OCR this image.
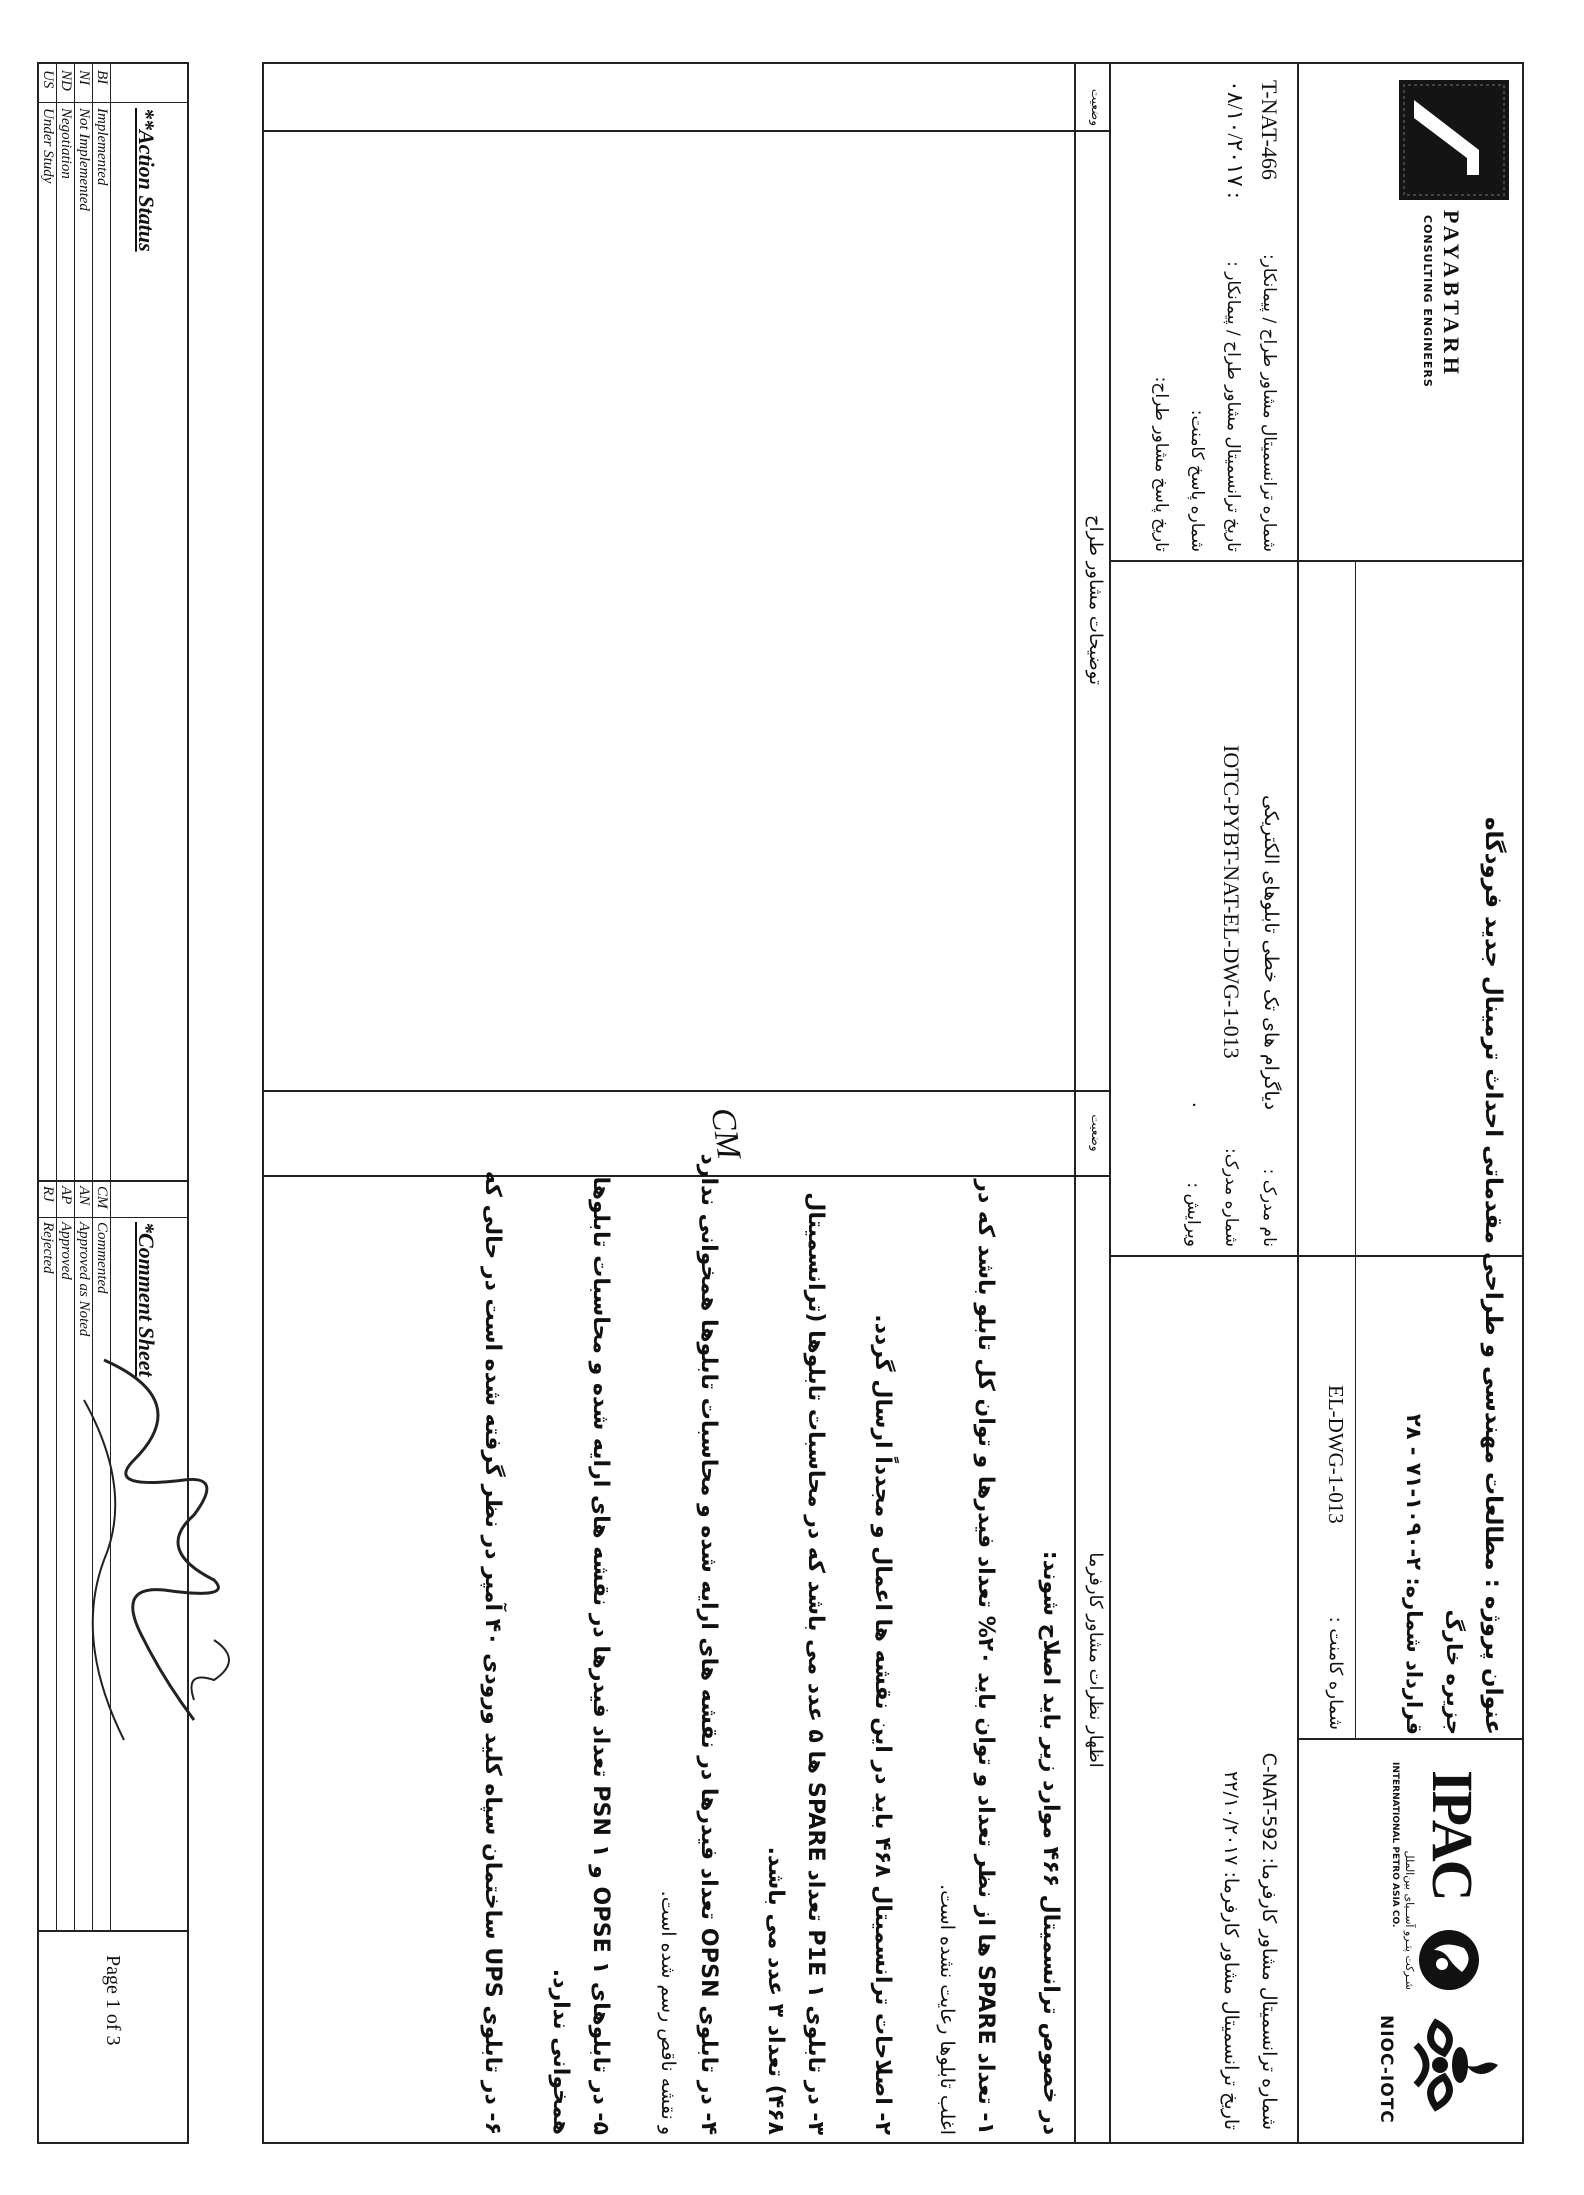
PAYABTARH
CONSULTING ENGINEERS
عنوان پروژه : مطالعات مهندسی و طراحی مقدماتی احداث ترمینال جدید فرودگاه
جزیره خارگ
قرارداد شماره: ۲-۱۰۹۰-۷۱ - ۲۸
شماره کامنت :
EL-DWG-1-013
IPAC
شـرکت پتـرو آســیای بین‌الملل
INTERNATIONAL PETRO ASIA CO.
NIOC-IOTC
T-NAT-466
۰۸/۱۰/۲۰۱۷ :
شماره ترانسمیتال مشاور طراح / پیمانکار:
تاریخ ترانسمیتال مشاور طراح / پیمانکار :
شماره پاسخ کامنت:
تاریخ پاسخ مشاور طراح:
نام مدرک :
شماره مدرک:
ویرایش :
دیاگرام های تک خطی تابلوهای الکتریکی
IOTC-PYBT-NAT-EL-DWG-1-013
۰
شماره ترانسمیتال مشاور کارفرما: C-NAT-592
تاریخ ترانسمیتال مشاور کارفرما: ۲۲/۱۰/۲۰۱۷
وضعیت
توضیحات مشاور طراح
وضعیت
اظهار نظرات مشاور کارفرما
در خصوص ترانسمیتال ۴۶۶ موارد زیر باید اصلاح شوند:
۱- تعداد SPARE ها از نظر تعداد و توان باید ۲۰% تعداد فیدرها و توان کل تابلو باشد که در
اغلب تابلوها رعایت نشده است.
۲- اصلاحات ترانسمیتال ۴۶۸ باید در این نقشه ها اعمال و مجدداً ارسال گردد.
۳- در تابلوی P1E ۱ تعداد SPARE ها ۵ عدد می باشد که در محاسبات تابلوها (ترانسمیتال
۴۶۸) تعداد ۳ عدد می باشد.
۴- در تابلوی OPSN تعداد فیدرها در نقشه های ارایه شده و محاسبات تابلوها همخوانی ندارد
و نقشه ناقص رسم شده است.
۵- در تابلوهای OPSE ۱ و PSN ۱ تعداد فیدرها در نقشه های ارایه شده و محاسبات تابلوها
همخوانی ندارد.
۶- در تابلوی UPS ساختمان سپاه کلید ورودی ۴۰ آمپر در نظر گرفته شده است در حالی که
CM
**Action Status
BI
Implemented
NI
Not Implemented
ND
Negotiation
US
Under Study
*Comment Sheet
CM
Commented
AN
Approved as Noted
AP
Approved
RJ
Rejected
Page 1 of 3
